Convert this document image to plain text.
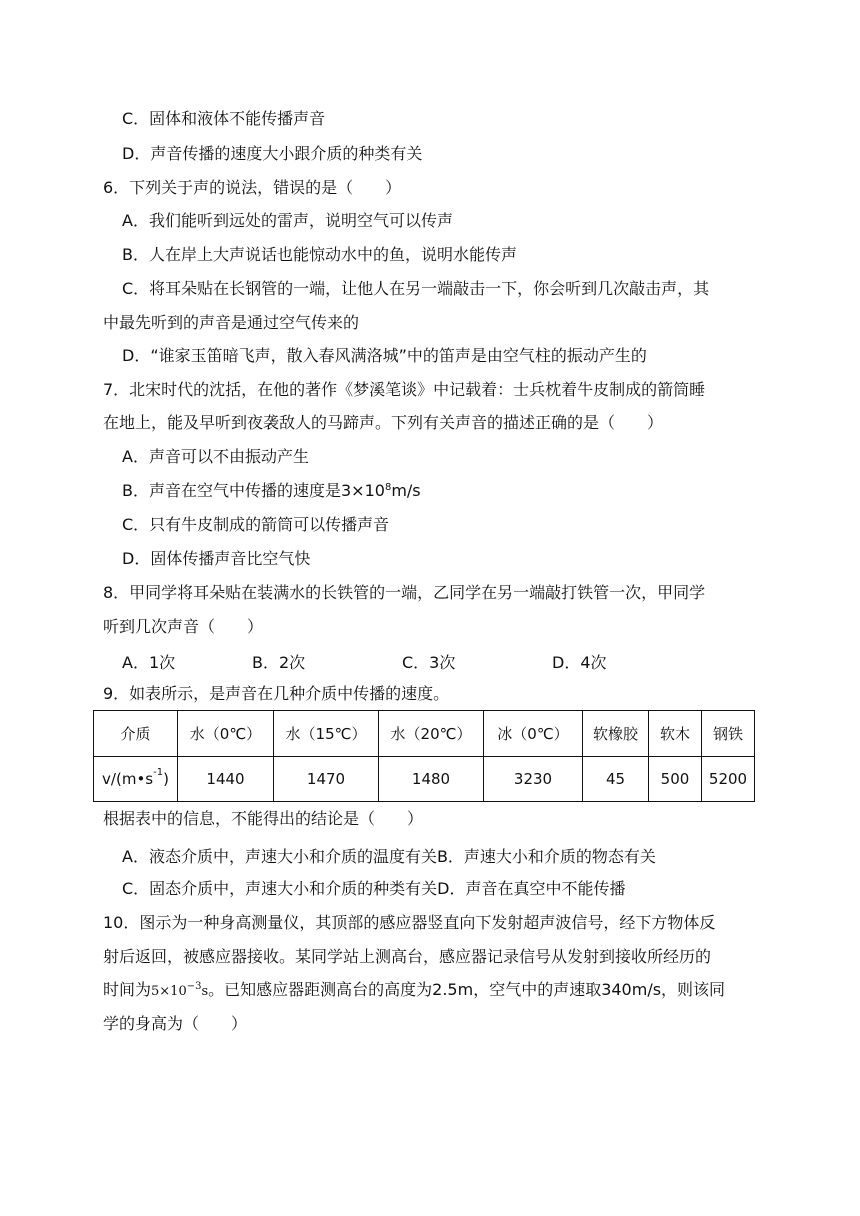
C．固体和液体不能传播声音
D．声音传播的速度大小跟介质的种类有关
6．下列关于声的说法，错误的是（　　）
A．我们能听到远处的雷声，说明空气可以传声
B．人在岸上大声说话也能惊动水中的鱼，说明水能传声
C．将耳朵贴在长钢管的一端，让他人在另一端敲击一下，你会听到几次敲击声，其
中最先听到的声音是通过空气传来的
D．“谁家玉笛暗飞声，散入春风满洛城”中的笛声是由空气柱的振动产生的
7．北宋时代的沈括，在他的著作《梦溪笔谈》中记载着：士兵枕着牛皮制成的箭筒睡
在地上，能及早听到夜袭敌人的马蹄声。下列有关声音的描述正确的是（　　）
A．声音可以不由振动产生
B．声音在空气中传播的速度是$3\times 10^8m/s$
C．只有牛皮制成的箭筒可以传播声音
D．固体传播声音比空气快
8．甲同学将耳朵贴在装满水的长铁管的一端，乙同学在另一端敲打铁管一次，甲同学
听到几次声音（　　）
A．1次	B．2次	C．3次	D．4次
9．如表所示，是声音在几种介质中传播的速度。
介质	水（0℃）	水（15℃）	水（20℃）	冰（0℃）	软橡胶	软木	钢铁
$v/(m•s^{-1})$	1440	1470	1480	3230	45	500	5200
根据表中的信息，不能得出的结论是（　　）
A．液态介质中，声速大小和介质的温度有关B．声速大小和介质的物态有关
C．固态介质中，声速大小和介质的种类有关D．声音在真空中不能传播
10．图示为一种身高测量仪，其顶部的感应器竖直向下发射超声波信号，经下方物体反
射后返回，被感应器接收。某同学站上测高台，感应器记录信号从发射到接收所经历的
时间为$5\times 10^{-3}s$。已知感应器距测高台的高度为2.5m，空气中的声速取340m/s，则该同
学的身高为（　　）
